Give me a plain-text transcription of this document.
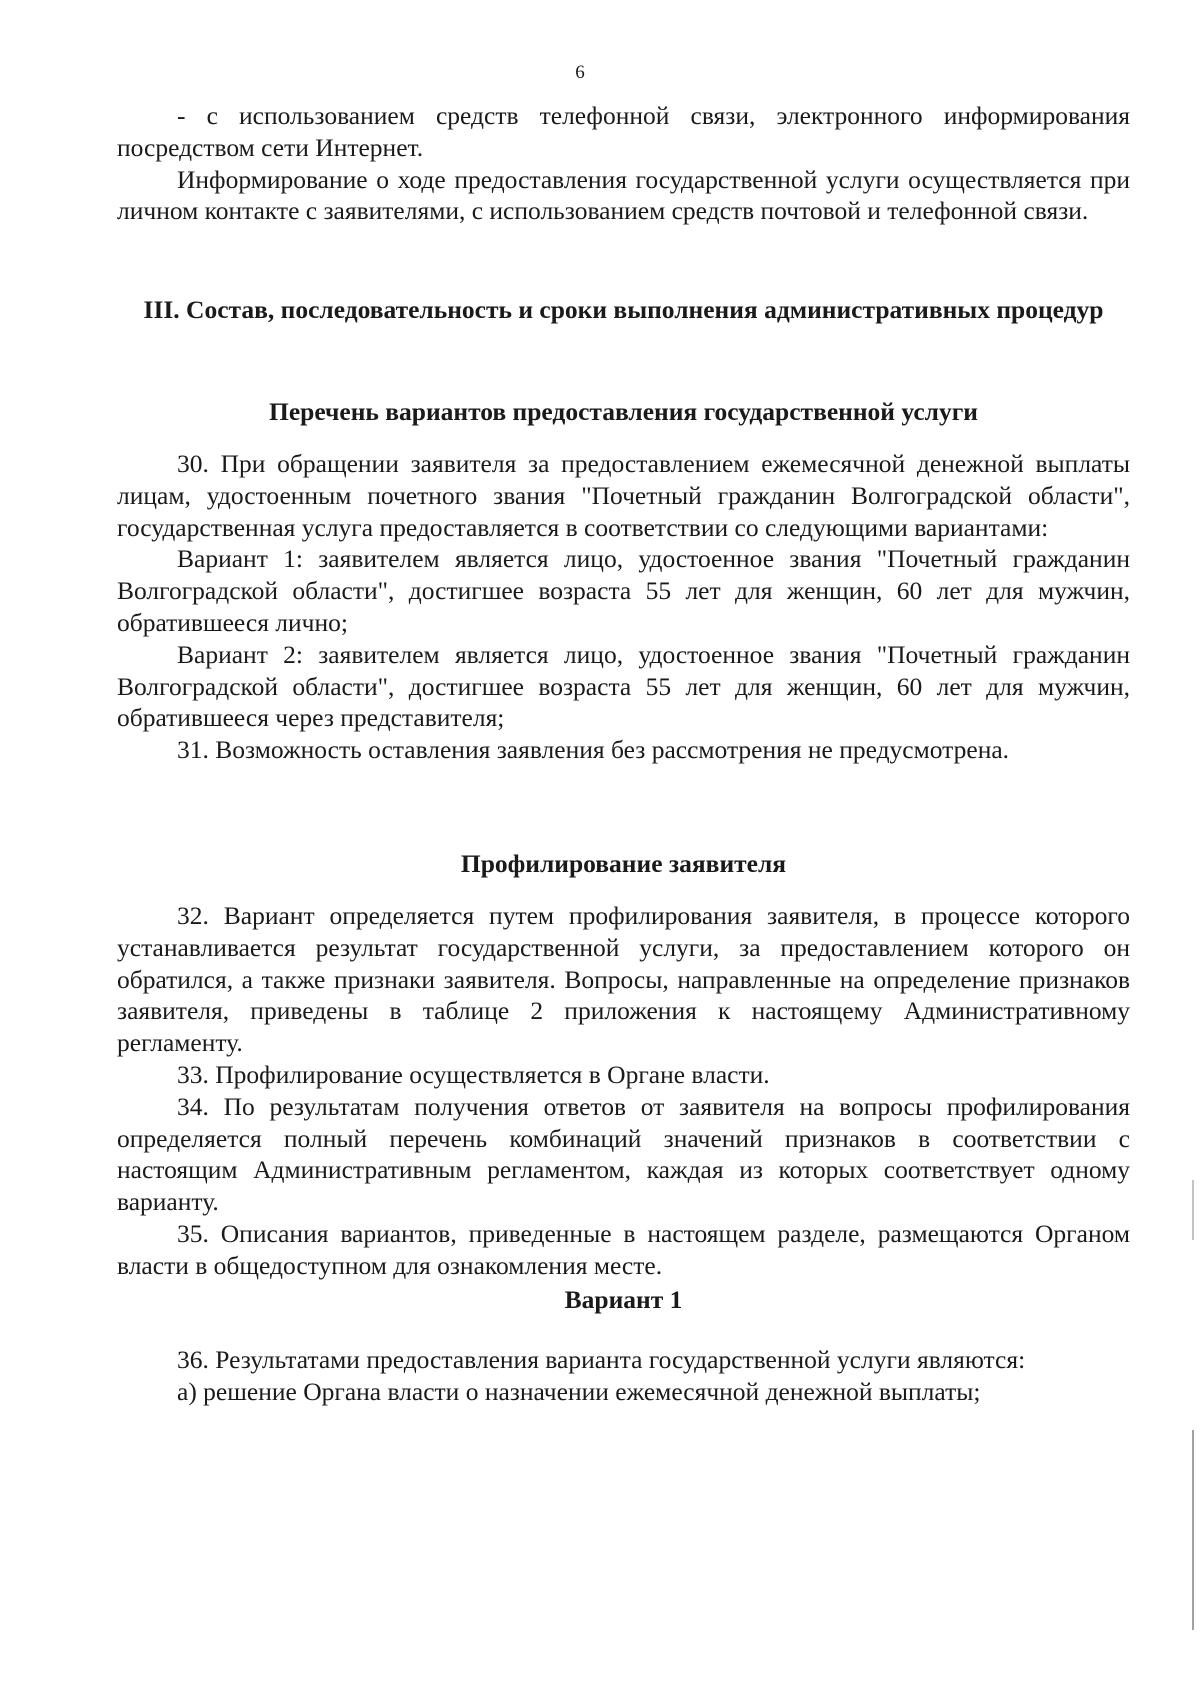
6

- с использованием средств телефонной связи, электронного информирования посредством сети Интернет.

Информирование о ходе предоставления государственной услуги осуществляется при личном контакте с заявителями, с использованием средств почтовой и телефонной связи.

III. Состав, последовательность и сроки выполнения административных процедур
Перечень вариантов предоставления государственной услуги

30. При обращении заявителя за предоставлением ежемесячной денежной выплаты лицам, удостоенным почетного звания "Почетный гражданин Волгоградской области", государственная услуга предоставляется в соответствии со следующими вариантами:

Вариант 1: заявителем является лицо, удостоенное звания "Почетный гражданин Волгоградской области", достигшее возраста 55 лет для женщин, 60 лет для мужчин, обратившееся лично;

Вариант 2: заявителем является лицо, удостоенное звания "Почетный гражданин Волгоградской области", достигшее возраста 55 лет для женщин, 60 лет для мужчин, обратившееся через представителя;

31. Возможность оставления заявления без рассмотрения не предусмотрена.

Профилирование заявителя

32. Вариант определяется путем профилирования заявителя, в процессе которого устанавливается результат государственной услуги, за предоставлением которого он обратился, а также признаки заявителя. Вопросы, направленные на определение признаков заявителя, приведены в таблице 2 приложения к настоящему Административному регламенту.

33. Профилирование осуществляется в Органе власти.

34. По результатам получения ответов от заявителя на вопросы профилирования определяется полный перечень комбинаций значений признаков в соответствии с настоящим Административным регламентом, каждая из которых соответствует одному варианту.

35. Описания вариантов, приведенные в настоящем разделе, размещаются Органом власти в общедоступном для ознакомления месте.

Вариант 1

36. Результатами предоставления варианта государственной услуги являются:

а) решение Органа власти о назначении ежемесячной денежной выплаты;
